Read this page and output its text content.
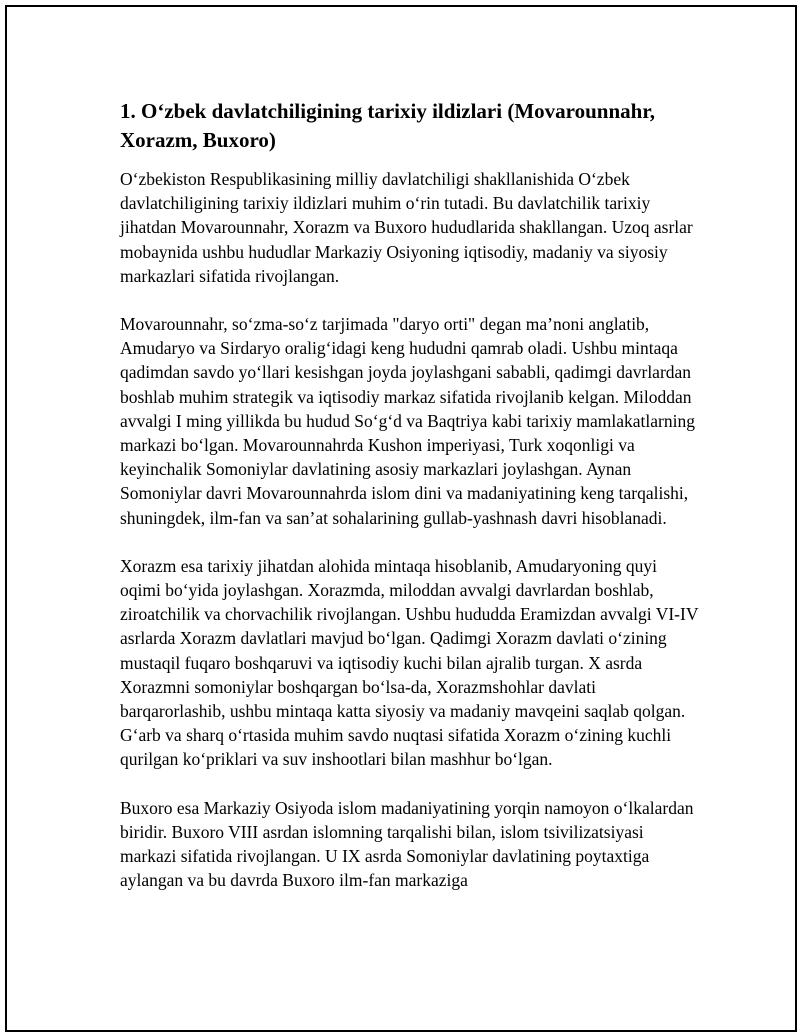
1. O‘zbek davlatchiligining tarixiy ildizlari (Movarounnahr, Xorazm, Buxoro)

O‘zbekiston Respublikasining milliy davlatchiligi shakllanishida O‘zbek davlatchiligining tarixiy ildizlari muhim o‘rin tutadi. Bu davlatchilik tarixiy jihatdan Movarounnahr, Xorazm va Buxoro hududlarida shakllangan. Uzoq asrlar mobaynida ushbu hududlar Markaziy Osiyoning iqtisodiy, madaniy va siyosiy markazlari sifatida rivojlangan.

Movarounnahr, so‘zma-so‘z tarjimada "daryo orti" degan ma’noni anglatib, Amudaryo va Sirdaryo oralig‘idagi keng hududni qamrab oladi. Ushbu mintaqa qadimdan savdo yo‘llari kesishgan joyda joylashgani sababli, qadimgi davrlardan boshlab muhim strategik va iqtisodiy markaz sifatida rivojlanib kelgan. Miloddan avvalgi I ming yillikda bu hudud So‘g‘d va Baqtriya kabi tarixiy mamlakatlarning markazi bo‘lgan. Movarounnahrda Kushon imperiyasi, Turk xoqonligi va keyinchalik Somoniylar davlatining asosiy markazlari joylashgan. Aynan Somoniylar davri Movarounnahrda islom dini va madaniyatining keng tarqalishi, shuningdek, ilm-fan va san’at sohalarining gullab-yashnash davri hisoblanadi.

Xorazm esa tarixiy jihatdan alohida mintaqa hisoblanib, Amudaryoning quyi oqimi bo‘yida joylashgan. Xorazmda, miloddan avvalgi davrlardan boshlab, ziroatchilik va chorvachilik rivojlangan. Ushbu hududda Eramizdan avvalgi VI-IV asrlarda Xorazm davlatlari mavjud bo‘lgan. Qadimgi Xorazm davlati o‘zining mustaqil fuqaro boshqaruvi va iqtisodiy kuchi bilan ajralib turgan. X asrda Xorazmni somoniylar boshqargan bo‘lsa-da, Xorazmshohlar davlati barqarorlashib, ushbu mintaqa katta siyosiy va madaniy mavqeini saqlab qolgan. G‘arb va sharq o‘rtasida muhim savdo nuqtasi sifatida Xorazm o‘zining kuchli qurilgan ko‘priklari va suv inshootlari bilan mashhur bo‘lgan.

Buxoro esa Markaziy Osiyoda islom madaniyatining yorqin namoyon o‘lkalardan biridir. Buxoro VIII asrdan islomning tarqalishi bilan, islom tsivilizatsiyasi markazi sifatida rivojlangan. U IX asrda Somoniylar davlatining poytaxtiga aylangan va bu davrda Buxoro ilm-fan markaziga
